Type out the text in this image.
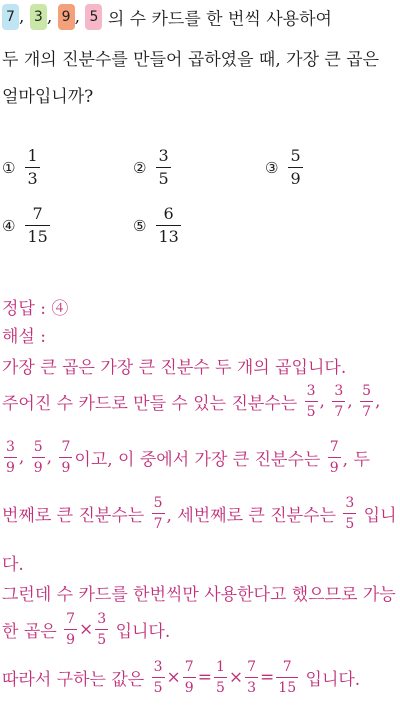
7 , 3 , 9 , 5 의 수 카드를 한 번씩 사용하여
두 개의 진분수를 만들어 곱하였을 때, 가장 큰 곱은
얼마입니까?
① $\frac{1}{3}$	② $\frac{3}{5}$	③ $\frac{5}{9}$
④ $\frac{7}{15}$	⑤ $\frac{6}{13}$
정답 : ④
해설 :
가장 큰 곱은 가장 큰 진분수 두 개의 곱입니다.
주어진 수 카드로 만들 수 있는 진분수는 $\frac{3}{5}$ , $\frac{3}{7}$ , $\frac{5}{7}$ ,
$\frac{3}{9}$ , $\frac{5}{9}$ , $\frac{7}{9}$ 이고, 이 중에서 가장 큰 진분수는 $\frac{7}{9}$ , 두
번째로 큰 진분수는 $\frac{5}{7}$ , 세번째로 큰 진분수는 $\frac{3}{5}$ 입니
다.
그런데 수 카드를 한번씩만 사용한다고 했으므로 가능
한 곱은 $\frac{7}{9} \times \frac{3}{5}$ 입니다.
따라서 구하는 값은 $\frac{3}{5} \times \frac{7}{9} = \frac{1}{5} \times \frac{7}{3} = \frac{7}{15}$ 입니다.
